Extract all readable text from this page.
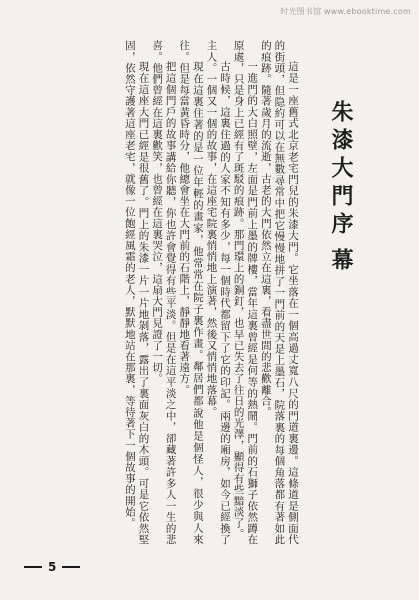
时光图书馆 www.ebooktime.com
序幕
朱漆大門

這是一座舊式北京老宅門兒的朱漆大門。它坐落在一個高過丈寬八尺的門道裏邊。這條道是側面代的街頭，但隐約可以在無數尋常中把它慢慢地拼了一門前的天是上墨石，院落裏的每個角落都有著如此的痕跡。隨著歲月的流逝，古老的大門依然立在這裏，看盡世間的悲歡離合。

一進門的大白照壁，左面是門前上墨的牌樓，當年這裏曾經是何等的熱鬧。門前的石獅子依然蹲在原處，只是身上已經有了斑駁的痕跡。那門環上的銅釘，也早已失去了往日的光澤，顯得有些黯淡了。

古時候，這裏住過的人家不知有多少，每一個時代都留下了它的印記。兩邊的廂房，如今已經換了主人。一個又一個的故事，在這座宅院裏悄悄地上演著，然後又悄悄地落幕。

現在這裏住著的是一位年輕的畫家，他常常在院子裏作畫。鄰居們都說他是個怪人，很少與人來往。但是每當黃昏時分，他總會坐在大門前的石階上，靜靜地看著遠方。

把這個門戶的故事講給你聽，你也許會覺得有些平淡。但是在這平淡之中，卻藏著許多人一生的悲喜。他們曾經在這裏歡笑，也曾經在這裏哭泣，這扇大門見證了一切。

現在這座大門已經是很舊了。門上的朱漆一片一片地剝落，露出了裏面灰白的木頭。可是它依然堅固，依然守護著這座老宅，就像一位飽經風霜的老人，默默地站在那裏，等待著下一個故事的開始。

5
